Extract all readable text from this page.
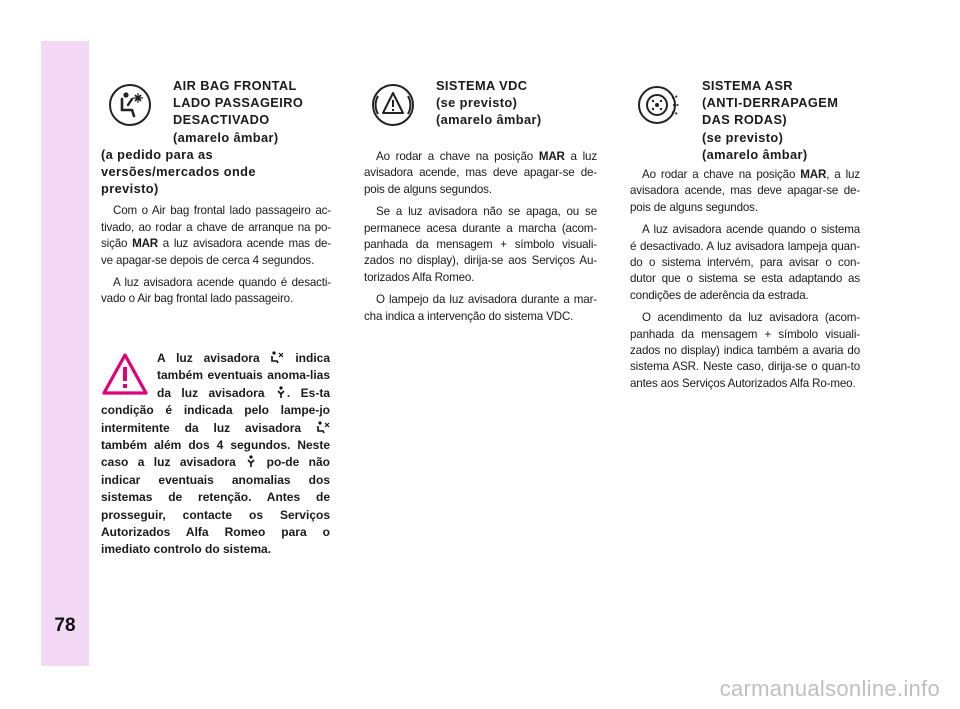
78
AIR BAG FRONTAL
LADO PASSAGEIRO
DESACTIVADO
(amarelo âmbar)
(a pedido para as
versões/mercados onde
previsto)

Com o Air bag frontal lado passageiro ac-tivado, ao rodar a chave de arranque na po-sição MAR a luz avisadora acende mas de-ve apagar-se depois de cerca 4 segundos.

A luz avisadora acende quando é desacti-vado o Air bag frontal lado passageiro.

A luz avisadora  indica também eventuais anoma-lias da luz avisadora . Es-ta condição é indicada pelo lampe-jo intermitente da luz avisadora  também além dos 4 segundos. Neste caso a luz avisadora  po-de não indicar eventuais anomalias dos sistemas de retenção. Antes de prosseguir, contacte os Serviços Autorizados Alfa Romeo para o imediato controlo do sistema.
SISTEMA VDC
(se previsto)
(amarelo âmbar)

Ao rodar a chave na posição MAR a luz avisadora acende, mas deve apagar-se de-pois de alguns segundos.

Se a luz avisadora não se apaga, ou se permanece acesa durante a marcha (acom-panhada da mensagem + símbolo visuali-zados no display), dirija-se aos Serviços Au-torizados Alfa Romeo.

O lampejo da luz avisadora durante a mar-cha indica a intervenção do sistema VDC.

SISTEMA ASR
(ANTI-DERRAPAGEM
DAS RODAS)
(se previsto)
(amarelo âmbar)

Ao rodar a chave na posição MAR, a luz avisadora acende, mas deve apagar-se de-pois de alguns segundos.

A luz avisadora acende quando o sistema é desactivado. A luz avisadora lampeja quan-do o sistema intervém, para avisar o con-dutor que o sistema se esta adaptando as condições de aderência da estrada.

O acendimento da luz avisadora (acom-panhada da mensagem + símbolo visuali-zados no display) indica também a avaria do sistema ASR. Neste caso, dirija-se o quan-to antes aos Serviços Autorizados Alfa Ro-meo.

carmanualsonline.info
